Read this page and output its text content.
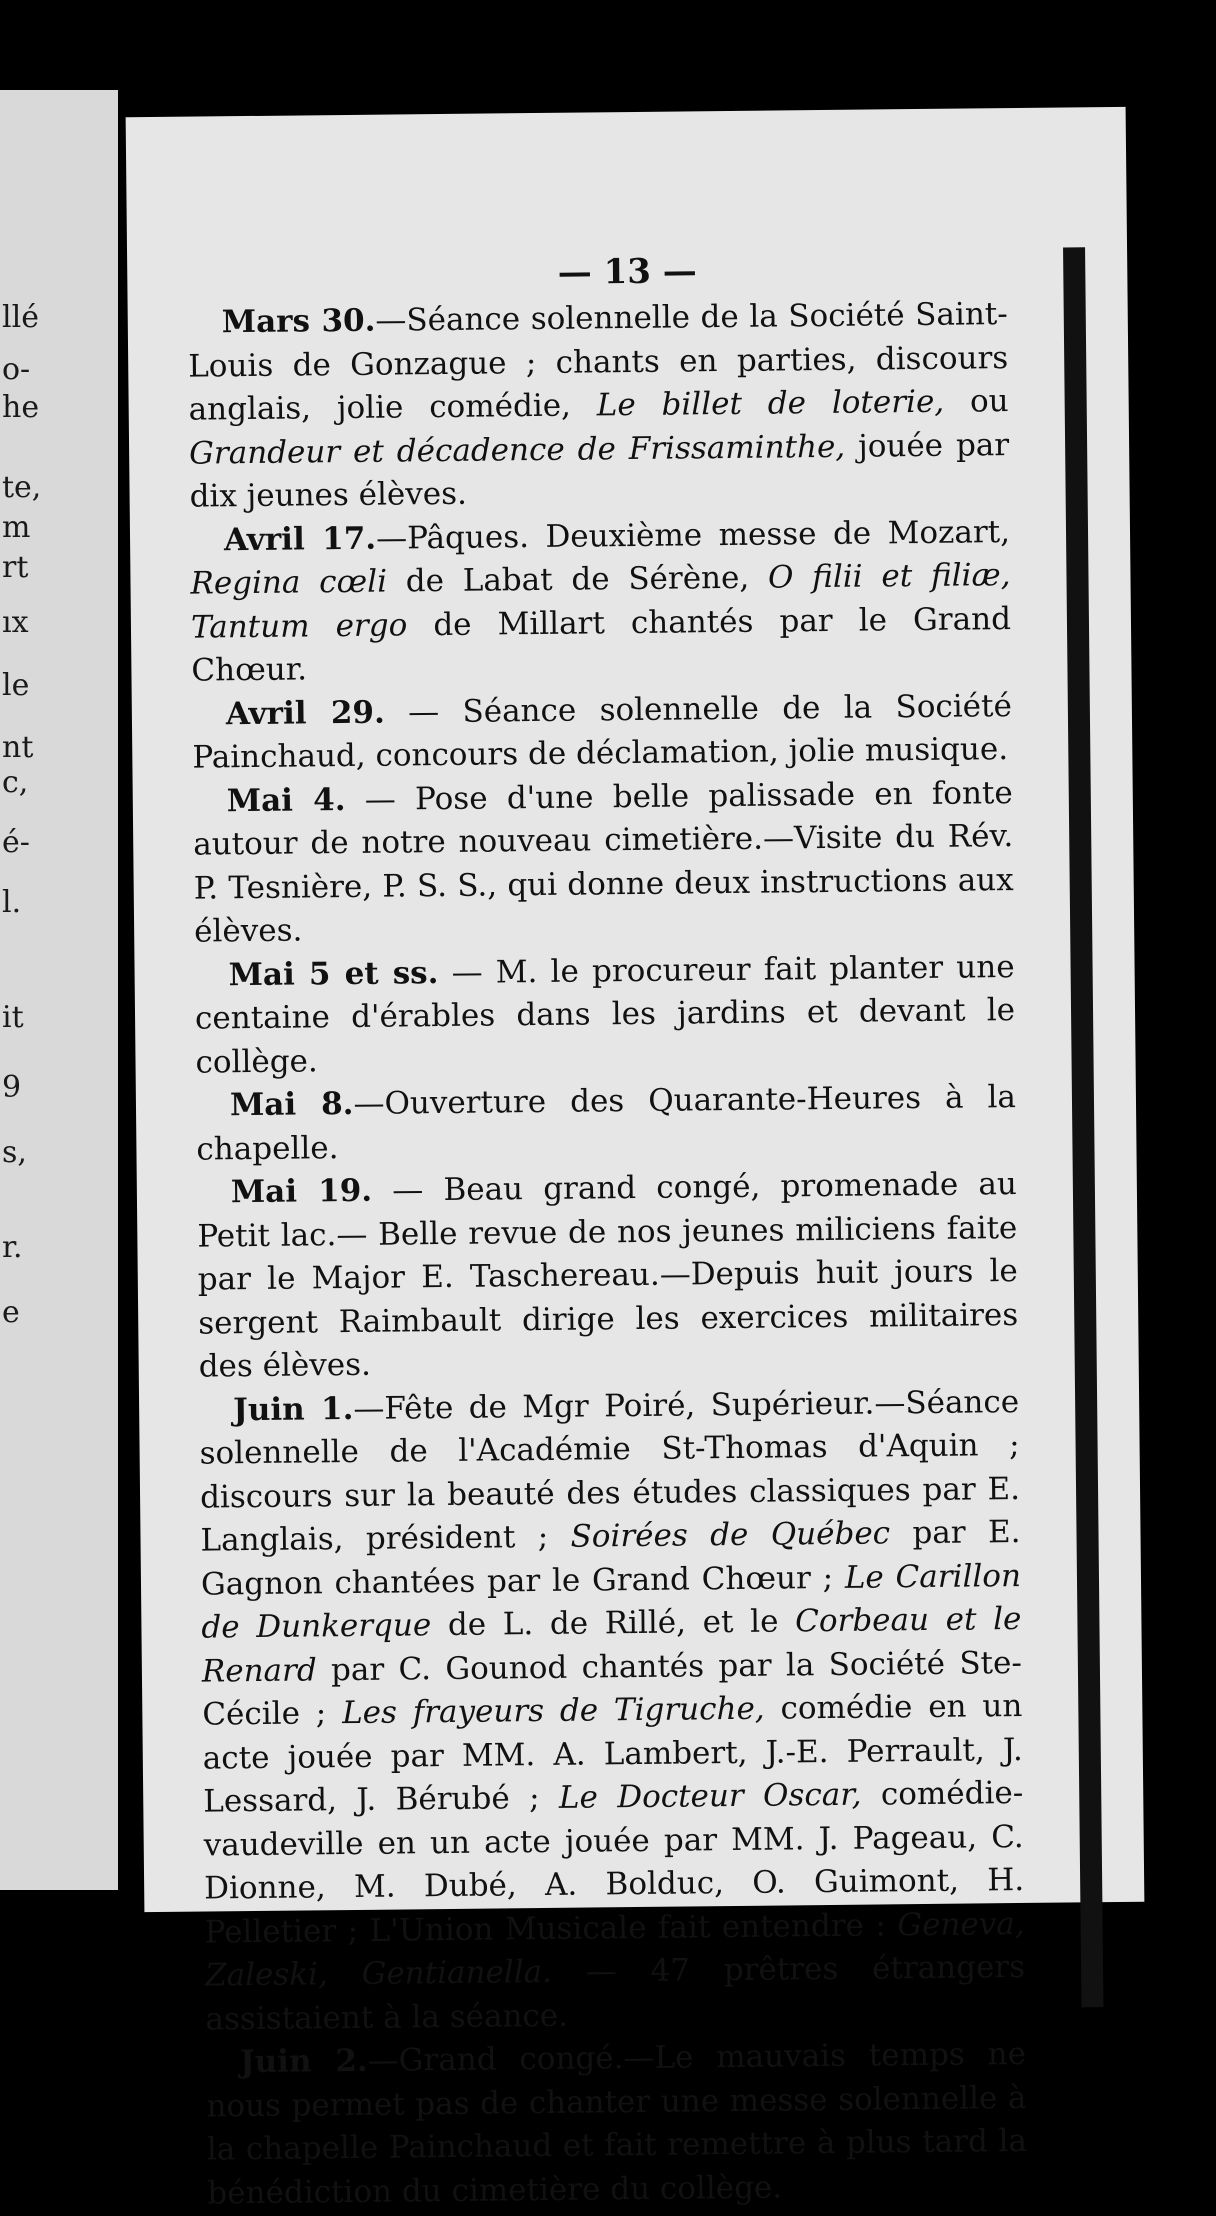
llé
o-
he
te,
m
rt
ıx
le
nt
c,
é-
l.
it
9
s,
r.
e
— 13 —

Mars 30.—Séance solennelle de la Société Saint-Louis de Gonzague ; chants en parties, discours anglais, jolie comédie, Le billet de loterie, ou Grandeur et décadence de Frissaminthe, jouée par dix jeunes élèves.

Avril 17.—Pâques. Deuxième messe de Mozart, Regina cœli de Labat de Sérène, O filii et filiæ, Tantum ergo de Millart chantés par le Grand Chœur.

Avril 29. — Séance solennelle de la Société Painchaud, concours de déclamation, jolie musique.

Mai 4. — Pose d'une belle palissade en fonte autour de notre nouveau cimetière.—Visite du Rév. P. Tesnière, P. S. S., qui donne deux instructions aux élèves.

Mai 5 et ss. — M. le procureur fait planter une centaine d'érables dans les jardins et devant le collège.

Mai 8.—Ouverture des Quarante-Heures à la chapelle.

Mai 19. — Beau grand congé, promenade au Petit lac.— Belle revue de nos jeunes miliciens faite par le Major E. Taschereau.—Depuis huit jours le sergent Raimbault dirige les exercices militaires des élèves.

Juin 1.—Fête de Mgr Poiré, Supérieur.—Séance solennelle de l'Académie St-Thomas d'Aquin ; discours sur la beauté des études classiques par E. Langlais, président ; Soirées de Québec par E. Gagnon chantées par le Grand Chœur ; Le Carillon de Dunkerque de L. de Rillé, et le Corbeau et le Renard par C. Gounod chantés par la Société Ste-Cécile ; Les frayeurs de Tigruche, comédie en un acte jouée par MM. A. Lambert, J.-E. Perrault, J. Lessard, J. Bérubé ; Le Docteur Oscar, comédie-vaudeville en un acte jouée par MM. J. Pageau, C. Dionne, M. Dubé, A. Bolduc, O. Guimont, H. Pelletier ; L'Union Musicale fait entendre : Geneva, Zaleski, Gentianella. — 47 prêtres étrangers assistaient à la séance.

Juin 2.—Grand congé.—Le mauvais temps ne nous permet pas de chanter une messe solennelle à la chapelle Painchaud et fait remettre à plus tard la bénédiction du cimetière du collège.
